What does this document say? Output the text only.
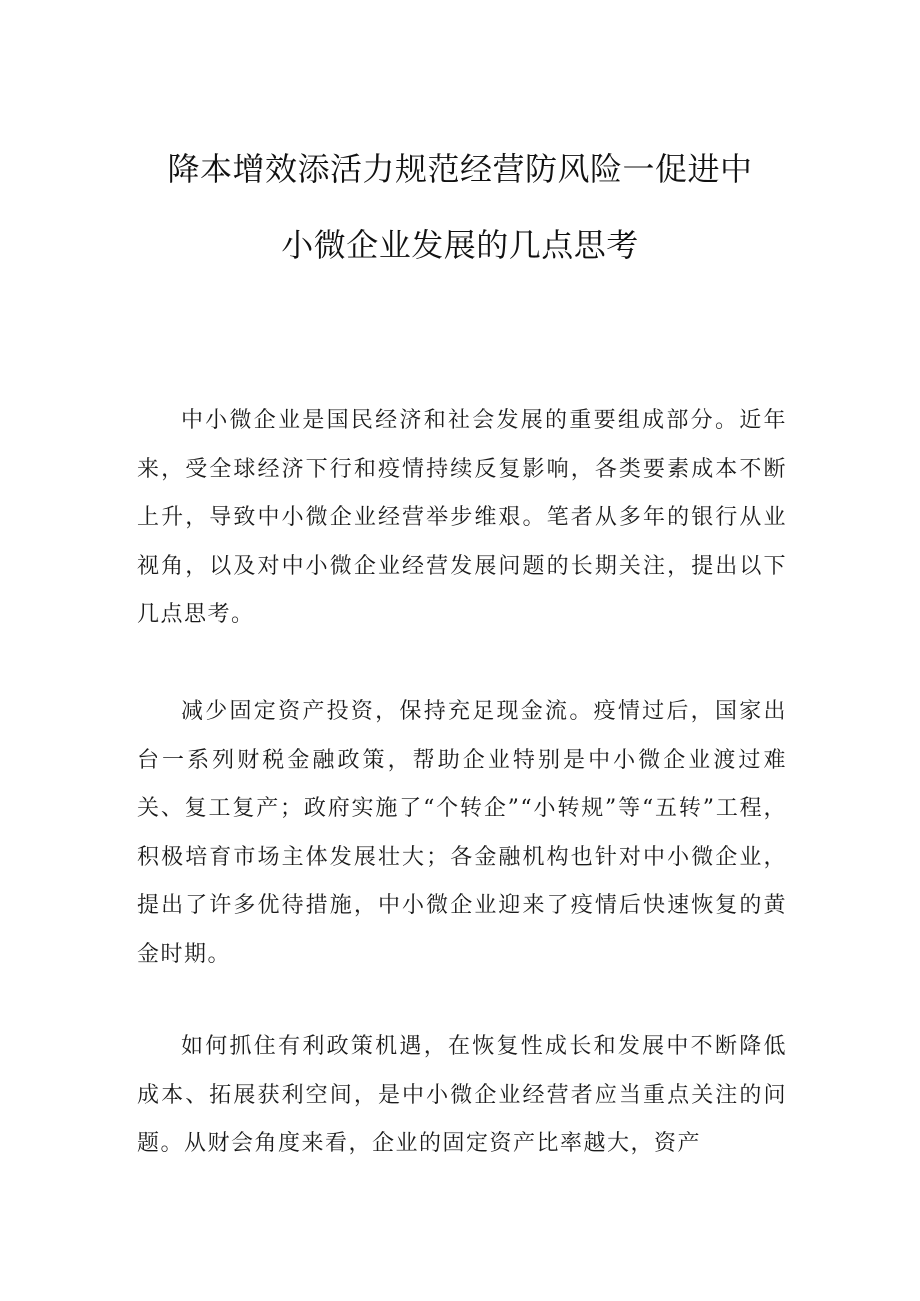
降本增效添活力规范经营防风险一促进中
小微企业发展的几点思考

中小微企业是国民经济和社会发展的重要组成部分。近年来，受全球经济下行和疫情持续反复影响，各类要素成本不断上升，导致中小微企业经营举步维艰。笔者从多年的银行从业视角，以及对中小微企业经营发展问题的长期关注，提出以下几点思考。

减少固定资产投资，保持充足现金流。疫情过后，国家出台一系列财税金融政策，帮助企业特别是中小微企业渡过难关、复工复产；政府实施了“个转企”“小转规”等“五转”工程，积极培育市场主体发展壮大；各金融机构也针对中小微企业，提出了许多优待措施，中小微企业迎来了疫情后快速恢复的黄金时期。

如何抓住有利政策机遇，在恢复性成长和发展中不断降低成本、拓展获利空间，是中小微企业经营者应当重点关注的问题。从财会角度来看，企业的固定资产比率越大，资产
